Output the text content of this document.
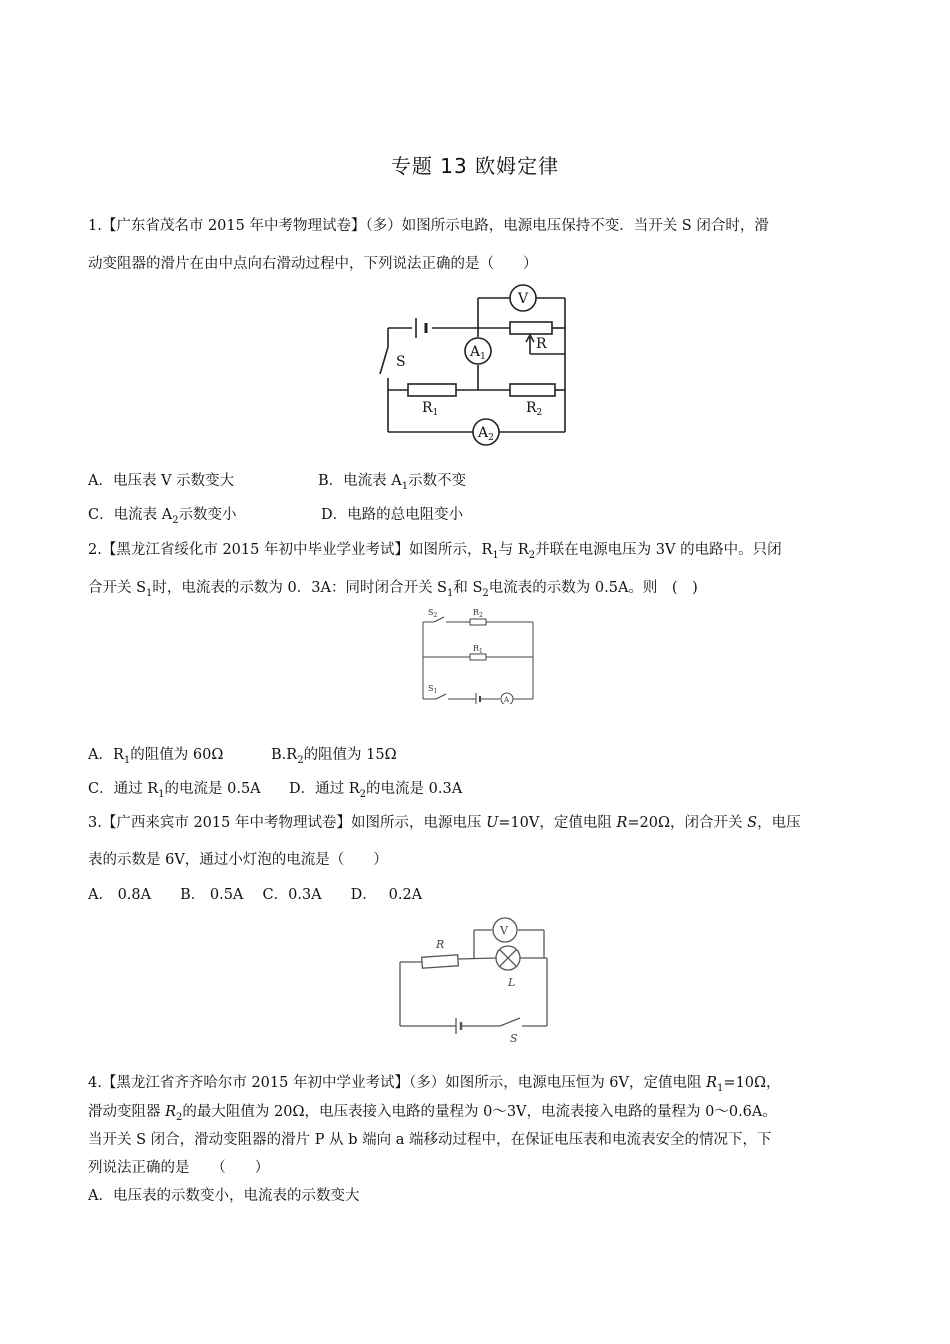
专题 13 欧姆定律
1.【广东省茂名市 2015 年中考物理试卷】（多）如图所示电路，电源电压保持不变．当开关 S 闭合时，滑
动变阻器的滑片在由中点向右滑动过程中，下列说法正确的是（　　）
V
$A_1$
$A_2$
R
S
$R_1$	$R_2$
A．电压表 V 示数变大	B．电流表 $A_1$示数不变
C．电流表 $A_2$示数变小	D．电路的总电阻变小
2.【黑龙江省绥化市 2015 年初中毕业学业考试】如图所示，$R_1$与 $R_2$并联在电源电压为 3V 的电路中。只闭
合开关 $S_1$时，电流表的示数为 0．3A：同时闭合开关 $S_1$和 $S_2$电流表的示数为 0.5A。则　(　)
$S_2$	$R_2$
$R_1$
$S_1$
A
A．$R_1$的阻值为 60Ω	$B.R_2$的阻值为 15Ω
C．通过 $R_1$的电流是 0.5A D．通过 $R_2$的电流是 0.3A
3.【广西来宾市 2015 年中考物理试卷】如图所示，电源电压 U=10V，定值电阻 R=20Ω，闭合开关 S，电压
表的示数是 6V，通过小灯泡的电流是（　　）
A． 0.8A　　B． 0.5A　 C．0.3A　　D．　 0.2A
R
V
L
S
4.【黑龙江省齐齐哈尔市 2015 年初中学业考试】（多）如图所示，电源电压恒为 6V，定值电阻 $R_1=10\Omega$，
滑动变阻器 $R_2$的最大阻值为 20Ω，电压表接入电路的量程为 0～3V，电流表接入电路的量程为 0～0.6A。
当开关 S 闭合，滑动变阻器的滑片 P 从 b 端向 a 端移动过程中，在保证电压表和电流表安全的情况下，下
列说法正确的是　　（　　）
A．电压表的示数变小，电流表的示数变大
